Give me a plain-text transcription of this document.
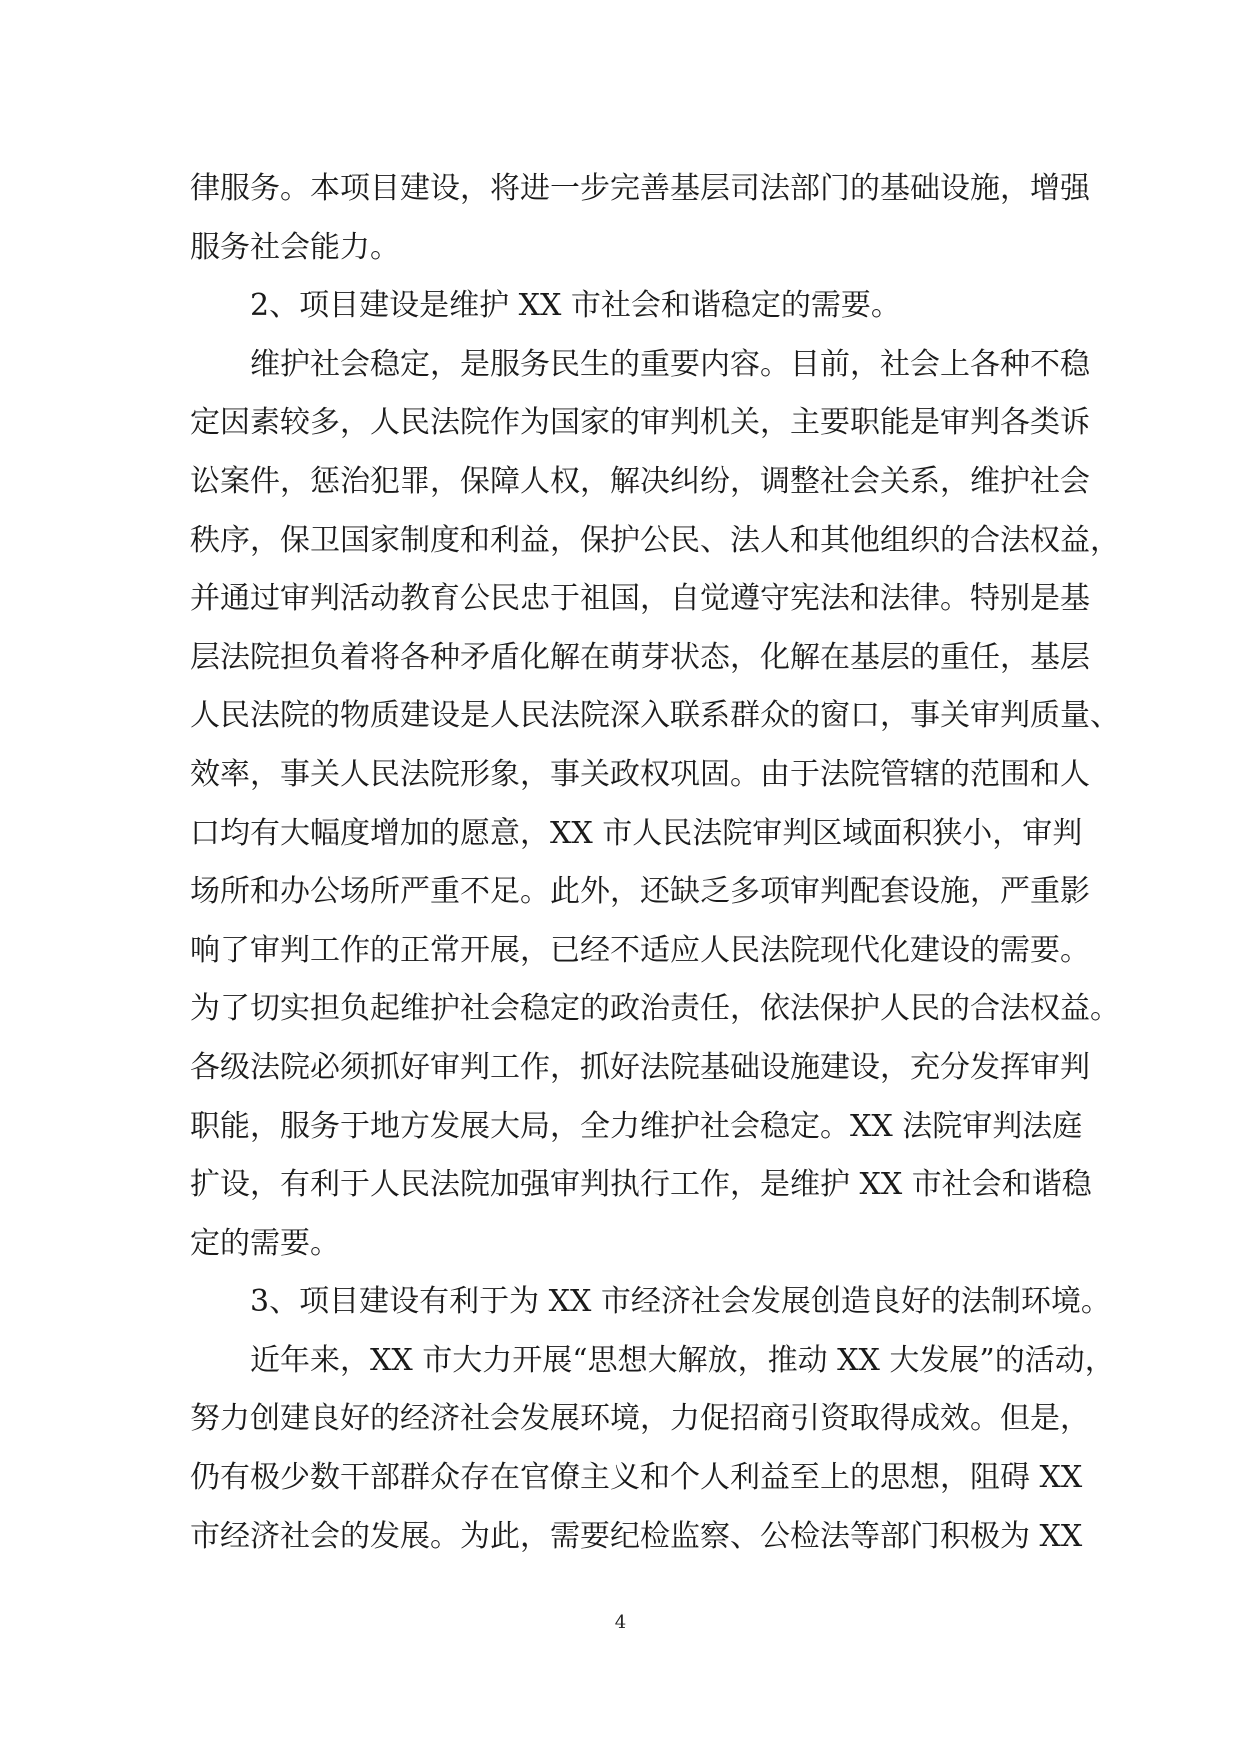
律服务。本项目建设，将进一步完善基层司法部门的基础设施，增强
服务社会能力。
2、项目建设是维护 XX 市社会和谐稳定的需要。
维护社会稳定，是服务民生的重要内容。目前，社会上各种不稳
定因素较多，人民法院作为国家的审判机关，主要职能是审判各类诉
讼案件，惩治犯罪，保障人权，解决纠纷，调整社会关系，维护社会
秩序，保卫国家制度和利益，保护公民、法人和其他组织的合法权益，
并通过审判活动教育公民忠于祖国，自觉遵守宪法和法律。特别是基
层法院担负着将各种矛盾化解在萌芽状态，化解在基层的重任，基层
人民法院的物质建设是人民法院深入联系群众的窗口，事关审判质量、
效率，事关人民法院形象，事关政权巩固。由于法院管辖的范围和人
口均有大幅度增加的愿意，XX 市人民法院审判区域面积狭小，审判
场所和办公场所严重不足。此外，还缺乏多项审判配套设施，严重影
响了审判工作的正常开展，已经不适应人民法院现代化建设的需要。
为了切实担负起维护社会稳定的政治责任，依法保护人民的合法权益。
各级法院必须抓好审判工作，抓好法院基础设施建设，充分发挥审判
职能，服务于地方发展大局，全力维护社会稳定。XX 法院审判法庭
扩设，有利于人民法院加强审判执行工作，是维护 XX 市社会和谐稳
定的需要。
3、项目建设有利于为 XX 市经济社会发展创造良好的法制环境。
近年来，XX 市大力开展“思想大解放，推动 XX 大发展”的活动，
努力创建良好的经济社会发展环境，力促招商引资取得成效。但是，
仍有极少数干部群众存在官僚主义和个人利益至上的思想，阻碍 XX
市经济社会的发展。为此，需要纪检监察、公检法等部门积极为 XX
4
